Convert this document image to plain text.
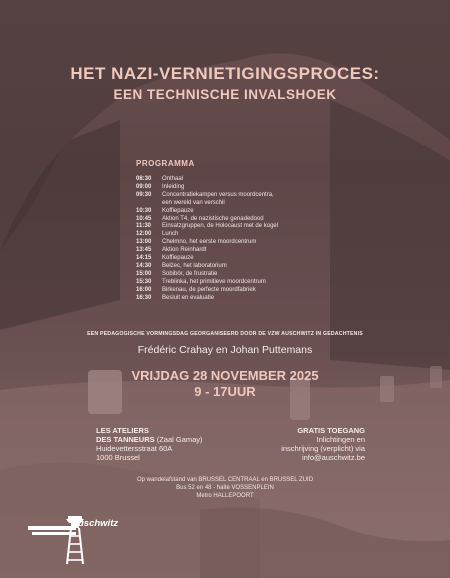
HET NAZI-VERNIETIGINGSPROCES:
EEN TECHNISCHE INVALSHOEK
PROGRAMMA
08:30	Onthaal
09:00	Inleiding
09:30	Concentratiekampen versus moordcentra,
een wereld van verschil
10:30	Koffiepauze
10:45	Aktion T4, de nazistische genadedood
11:30	Einsatzgruppen, de Holocaust met de kogel
12:00	Lunch
13:00	Chełmno, het eerste moordcentrum
13:45	Aktion Reinhardt
14:15	Koffiepauze
14:30	Bełżec, het laboratorium
15:00	Sobibór, de frustratie
15:30	Treblinka, het primitieve moordcentrum
16:00	Birkenau, de perfecte moordfabriek
16:30	Besluit en evaluatie
EEN PEDAGOGISCHE VORMINGSDAG GEORGANISEERD DOOR DE VZW AUSCHWITZ IN GEDACHTENIS
Frédéric Crahay en Johan Puttemans
VRIJDAG 28 NOVEMBER 2025
9 - 17UUR
LES ATELIERS
DES TANNEURS (Zaal Gamay)
Huidevettersstraat 60A
1000 Brussel
GRATIS TOEGANG
Inlichtingen en
inschrijving (verplicht) via
info@auschwitz.be
Op wandelafstand van BRUSSEL CENTRAAL en BRUSSEL ZUID
Bus 52 en 48 - halte VOSSENPLEIN
Metro HALLEPOORT
uschwitz
